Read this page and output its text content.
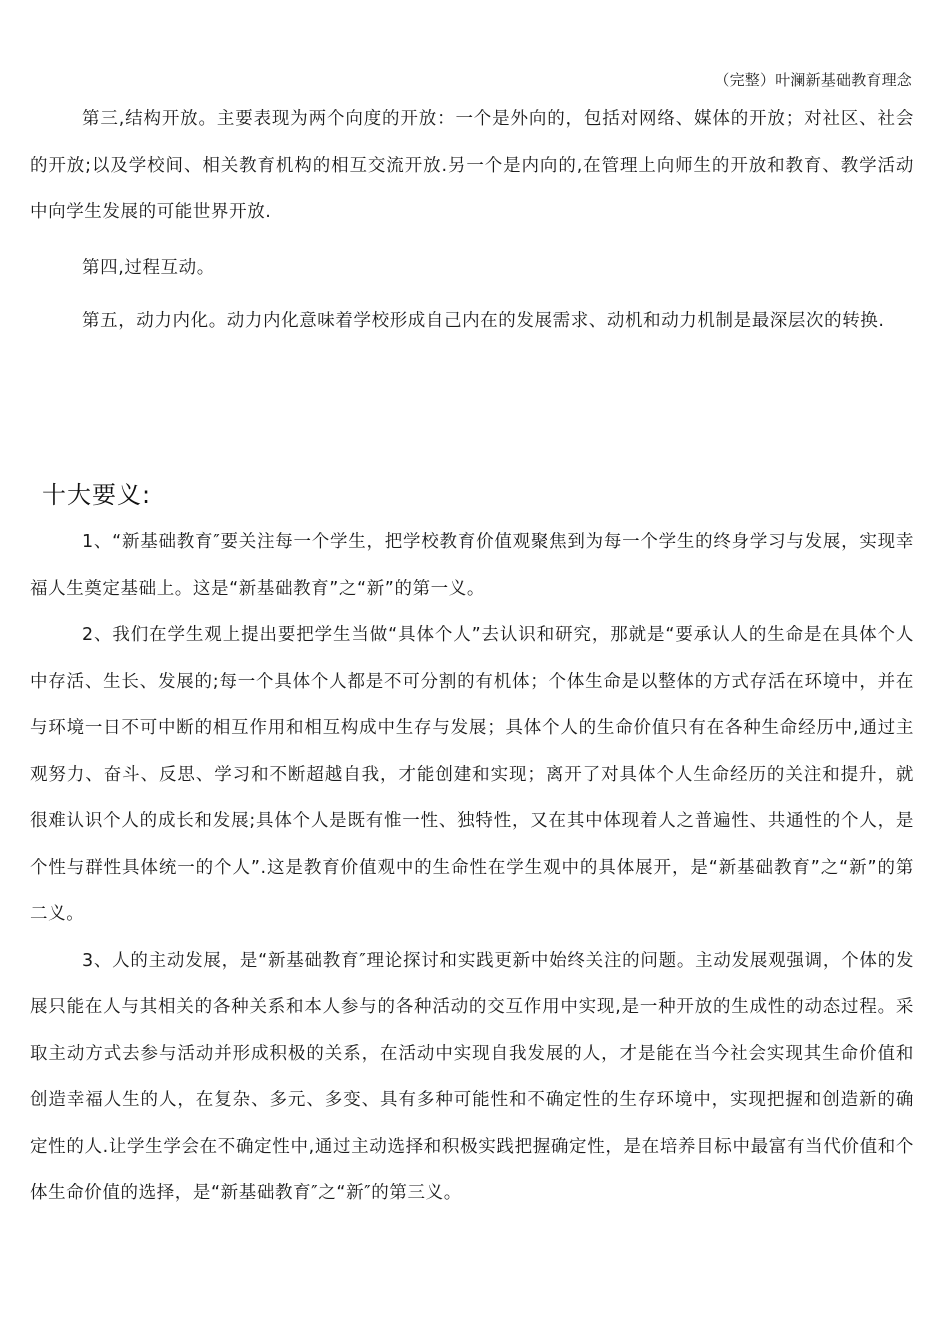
（完整）叶澜新基础教育理念

第三,结构开放。主要表现为两个向度的开放：一个是外向的，包括对网络、媒体的开放；对社区、社会的开放;以及学校间、相关教育机构的相互交流开放.另一个是内向的,在管理上向师生的开放和教育、教学活动中向学生发展的可能世界开放.

第四,过程互动。

第五，动力内化。动力内化意味着学校形成自己内在的发展需求、动机和动力机制是最深层次的转换.

十大要义:

1、“新基础教育″要关注每一个学生，把学校教育价值观聚焦到为每一个学生的终身学习与发展，实现幸福人生奠定基础上。这是“新基础教育”之“新”的第一义。

2、我们在学生观上提出要把学生当做“具体个人”去认识和研究，那就是“要承认人的生命是在具体个人中存活、生长、发展的;每一个具体个人都是不可分割的有机体；个体生命是以整体的方式存活在环境中，并在与环境一日不可中断的相互作用和相互构成中生存与发展；具体个人的生命价值只有在各种生命经历中,通过主观努力、奋斗、反思、学习和不断超越自我，才能创建和实现；离开了对具体个人生命经历的关注和提升，就很难认识个人的成长和发展;具体个人是既有惟一性、独特性，又在其中体现着人之普遍性、共通性的个人，是个性与群性具体统一的个人”.这是教育价值观中的生命性在学生观中的具体展开，是“新基础教育”之“新”的第二义。

3、人的主动发展，是“新基础教育″理论探讨和实践更新中始终关注的问题。主动发展观强调，个体的发展只能在人与其相关的各种关系和本人参与的各种活动的交互作用中实现,是一种开放的生成性的动态过程。采取主动方式去参与活动并形成积极的关系，在活动中实现自我发展的人，才是能在当今社会实现其生命价值和创造幸福人生的人，在复杂、多元、多变、具有多种可能性和不确定性的生存环境中，实现把握和创造新的确定性的人.让学生学会在不确定性中,通过主动选择和积极实践把握确定性，是在培养目标中最富有当代价值和个体生命价值的选择，是“新基础教育″之“新″的第三义。
